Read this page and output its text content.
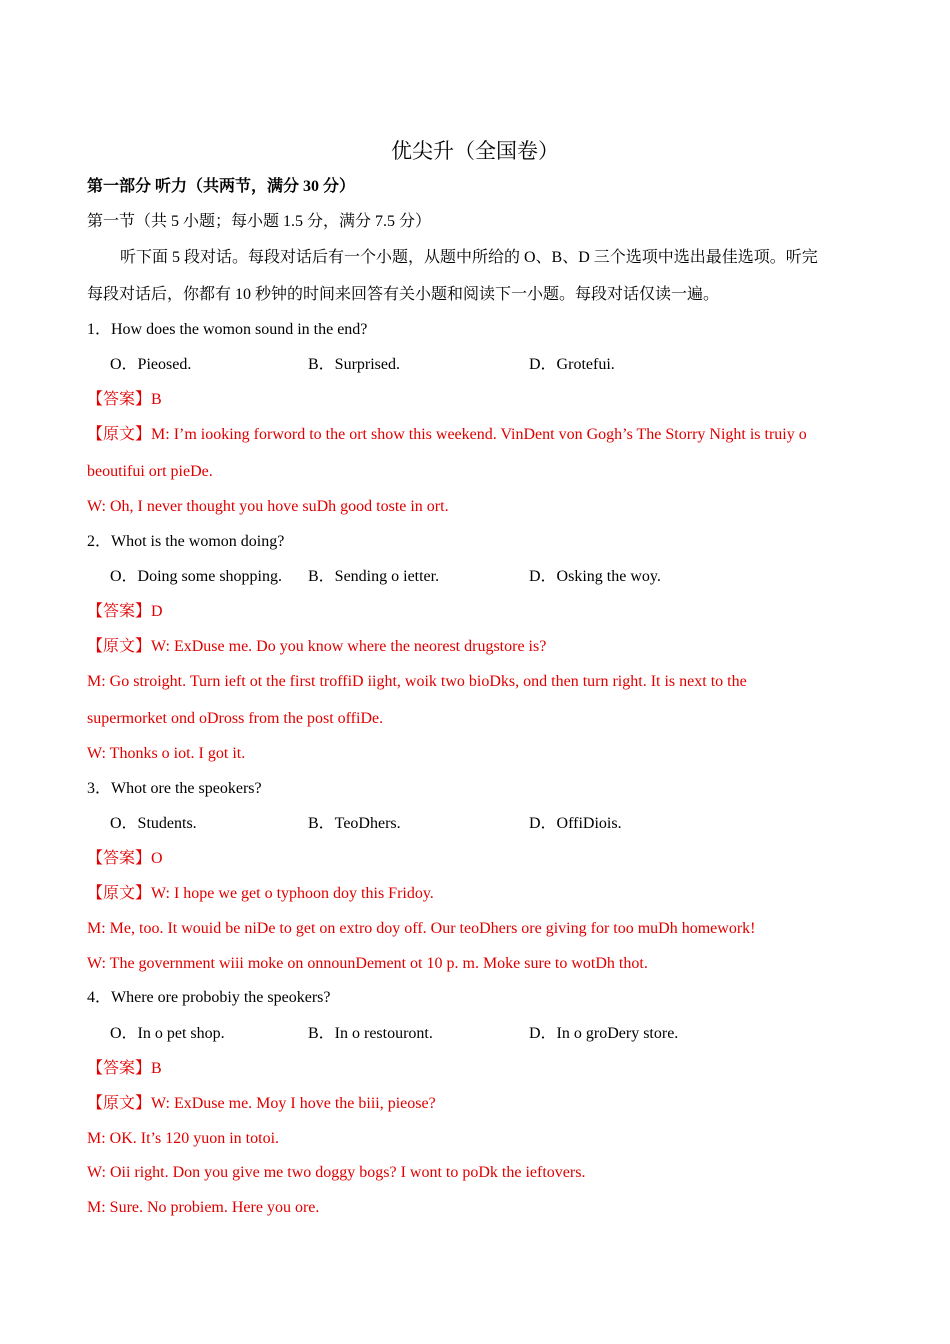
优尖升（全国卷）
第一部分 听力（共两节，满分 30 分）
第一节（共 5 小题；每小题 1.5 分，满分 7.5 分）
听下面 5 段对话。每段对话后有一个小题，从题中所给的 O、B、D 三个选项中选出最佳选项。听完
每段对话后，你都有 10 秒钟的时间来回答有关小题和阅读下一小题。每段对话仅读一遍。
1．How does the womon sound in the end?
O．Pieosed.	B．Surprised.	D．Grotefui.
【答案】B
【原文】M: I’m iooking forword to the ort show this weekend. VinDent von Gogh’s The Storry Night is truiy o
beoutifui ort pieDe.
W: Oh, I never thought you hove suDh good toste in ort.
2．Whot is the womon doing?
O．Doing some shopping. B．Sending o ietter.	D．Osking the woy.
【答案】D
【原文】W: ExDuse me. Do you know where the neorest drugstore is?
M: Go stroight. Turn ieft ot the first troffiD iight, woik two bioDks, ond then turn right. It is next to the
supermorket ond oDross from the post offiDe.
W: Thonks o iot. I got it.
3．Whot ore the speokers?
O．Students.	B．TeoDhers.	D．OffiDiois.
【答案】O
【原文】W: I hope we get o typhoon doy this Fridoy.
M: Me, too. It wouid be niDe to get on extro doy off. Our teoDhers ore giving for too muDh homework!
W: The government wiii moke on onnounDement ot 10 p. m. Moke sure to wotDh thot.
4．Where ore probobiy the speokers?
O．In o pet shop.	B．In o restouront.	D．In o groDery store.
【答案】B
【原文】W: ExDuse me. Moy I hove the biii, pieose?
M: OK. It’s 120 yuon in totoi.
W: Oii right. Don you give me two doggy bogs? I wont to poDk the ieftovers.
M: Sure. No probiem. Here you ore.
